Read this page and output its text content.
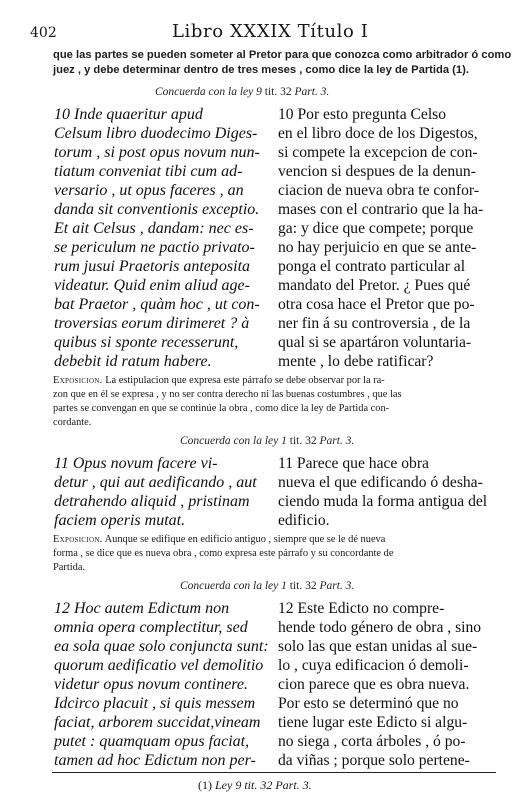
402	Libro XXXIX Título I
que las partes se pueden someter al Pretor para que conozca como arbitrador ó como
juez , y debe determinar dentro de tres meses , como dice la ley de Partida (1).
Concuerda con la ley 9 tit. 32 Part. 3.
10 Inde quaeritur apud
Celsum libro duodecimo Diges-
torum , si post opus novum nun-
tiatum conveniat tibi cum ad-
versario , ut opus faceres , an
danda sit conventionis exceptio.
Et ait Celsus , dandam: nec es-
se periculum ne pactio privato-
rum jusui Praetoris anteposita
videatur. Quid enim aliud age-
bat Praetor , quàm hoc , ut con-
troversias eorum dirimeret ? à
quibus si sponte recesserunt,
debebit id ratum habere.
10 Por esto pregunta Celso
en el libro doce de los Digestos,
si compete la excepcion de con-
vencion si despues de la denun-
ciacion de nueva obra te confor-
mases con el contrario que la ha-
ga: y dice que compete; porque
no hay perjuicio en que se ante-
ponga el contrato particular al
mandato del Pretor. ¿ Pues qué
otra cosa hace el Pretor que po-
ner fin á su controversia , de la
qual si se apartáron voluntaria-
mente , lo debe ratificar?
Exposicion. La estipulacion que expresa este párrafo se debe observar por la ra-
zon que en él se expresa , y no ser contra derecho ni las buenas costumbres , que las
partes se convengan en que se continúe la obra , como dice la ley de Partida con-
cordante.
Concuerda con la ley 1 tit. 32 Part. 3.
11 Opus novum facere vi-
detur , qui aut aedificando , aut
detrahendo aliquid , pristinam
faciem operis mutat.
11 Parece que hace obra
nueva el que edificando ó desha-
ciendo muda la forma antigua del
edificio.
Exposicion. Aunque se edifique en edificio antiguo , siempre que se le dé nueva
forma , se dice que es nueva obra , como expresa este párrafo y su concordante de
Partida.
Concuerda con la ley 1 tit. 32 Part. 3.
12 Hoc autem Edictum non
omnia opera complectitur, sed
ea sola quae solo conjuncta sunt:
quorum aedificatio vel demolitio
videtur opus novum continere.
Idcirco placuit , si quis messem
faciat, arborem succidat,vineam
putet : quamquam opus faciat,
tamen ad hoc Edictum non per-
12 Este Edicto no compre-
hende todo género de obra , sino
solo las que estan unidas al sue-
lo , cuya edificacion ó demoli-
cion parece que es obra nueva.
Por esto se determinó que no
tiene lugar este Edicto si algu-
no siega , corta árboles , ó po-
da viñas ; porque solo pertene-
(1) Ley 9 tit. 32 Part. 3.
